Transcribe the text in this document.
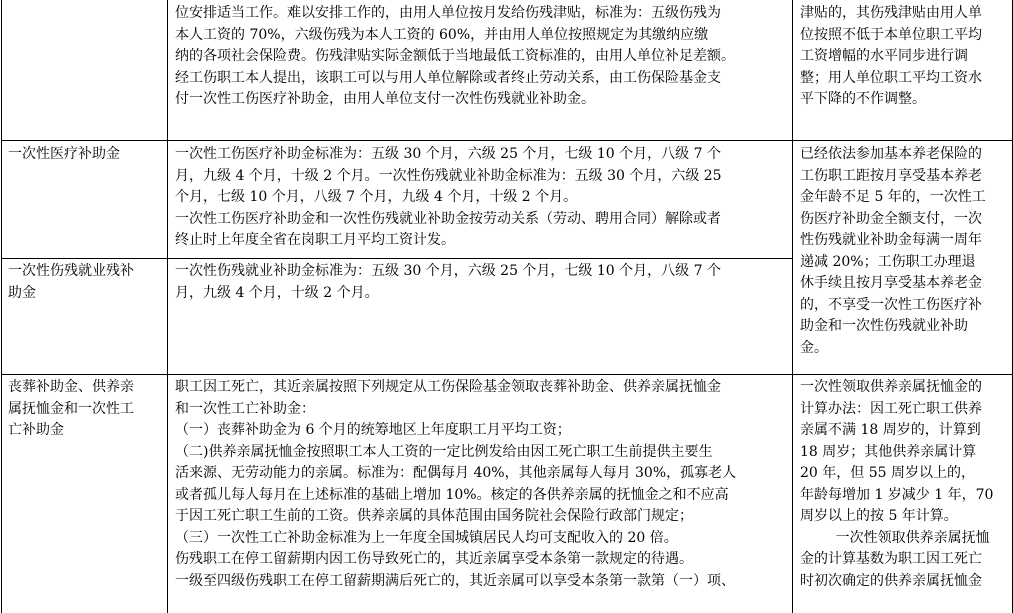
位安排适当工作。难以安排工作的，由用人单位按月发给伤残津贴，标准为：五级伤残为
本人工资的 70%，六级伤残为本人工资的 60%，并由用人单位按照规定为其缴纳应缴
纳的各项社会保险费。伤残津贴实际金额低于当地最低工资标准的，由用人单位补足差额。
经工伤职工本人提出，该职工可以与用人单位解除或者终止劳动关系，由工伤保险基金支
付一次性工伤医疗补助金，由用人单位支付一次性伤残就业补助金。
津贴的，其伤残津贴由用人单
位按照不低于本单位职工平均
工资增幅的水平同步进行调
整；用人单位职工平均工资水
平下降的不作调整。
一次性医疗补助金	一次性工伤医疗补助金标准为：五级 30 个月，六级 25 个月，七级 10 个月，八级 7 个
月，九级 4 个月，十级 2 个月。一次性伤残就业补助金标准为：五级 30 个月，六级 25
个月，七级 10 个月，八级 7 个月，九级 4 个月，十级 2 个月。
一次性工伤医疗补助金和一次性伤残就业补助金按劳动关系（劳动、聘用合同）解除或者
终止时上年度全省在岗职工月平均工资计发。
已经依法参加基本养老保险的
工伤职工距按月享受基本养老
金年龄不足 5 年的，一次性工
伤医疗补助金全额支付，一次
性伤残就业补助金每满一周年
递减 20%；工伤职工办理退
休手续且按月享受基本养老金
的，不享受一次性工伤医疗补
助金和一次性伤残就业补助
金。
一次性伤残就业残补
助金
一次性伤残就业补助金标准为：五级 30 个月，六级 25 个月，七级 10 个月，八级 7 个
月，九级 4 个月，十级 2 个月。
丧葬补助金、供养亲
属抚恤金和一次性工
亡补助金
职工因工死亡，其近亲属按照下列规定从工伤保险基金领取丧葬补助金、供养亲属抚恤金
和一次性工亡补助金：
（一）丧葬补助金为 6 个月的统筹地区上年度职工月平均工资；
（二)供养亲属抚恤金按照职工本人工资的一定比例发给由因工死亡职工生前提供主要生
活来源、无劳动能力的亲属。标准为：配偶每月 40%，其他亲属每人每月 30%，孤寡老人
或者孤儿每人每月在上述标准的基础上增加 10%。核定的各供养亲属的抚恤金之和不应高
于因工死亡职工生前的工资。供养亲属的具体范围由国务院社会保险行政部门规定；
（三）一次性工亡补助金标准为上一年度全国城镇居民人均可支配收入的 20 倍。
伤残职工在停工留薪期内因工伤导致死亡的，其近亲属享受本条第一款规定的待遇。
一级至四级伤残职工在停工留薪期满后死亡的，其近亲属可以享受本条第一款第（一）项、
一次性领取供养亲属抚恤金的
计算办法：因工死亡职工供养
亲属不满 18 周岁的，计算到
18 周岁；其他供养亲属计算
20 年，但 55 周岁以上的，
年龄每增加 1 岁减少 1 年，70
周岁以上的按 5 年计算。
一次性领取供养亲属抚恤
金的计算基数为职工因工死亡
时初次确定的供养亲属抚恤金
